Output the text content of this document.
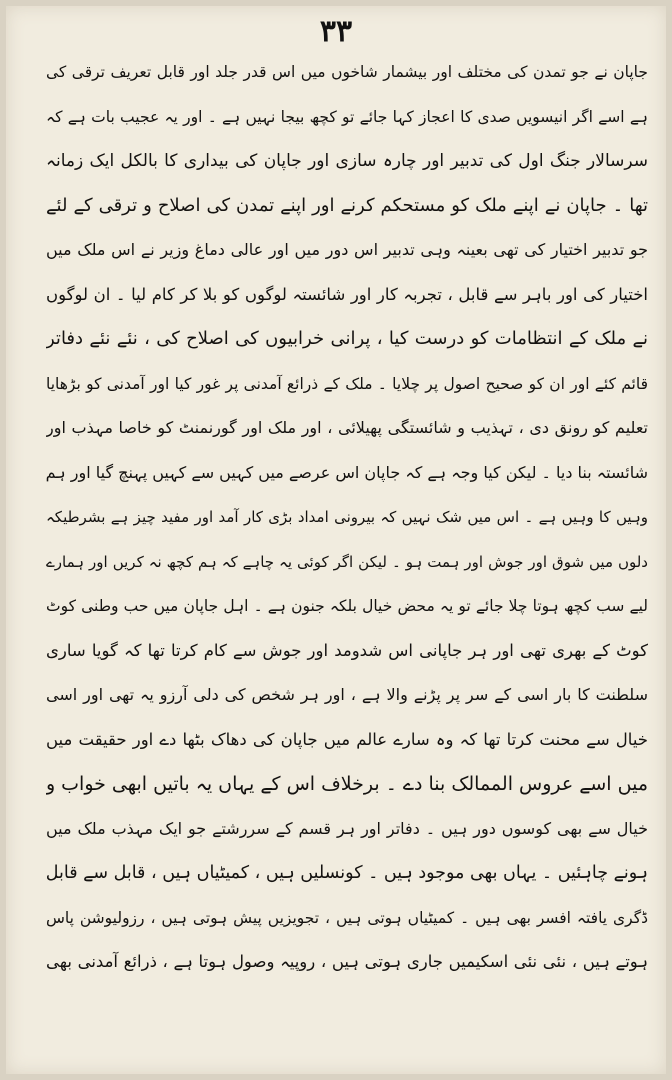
۳۳
جاپان نے جو تمدن کی مختلف اور بیشمار شاخوں میں اس قدر جلد اور قابل تعریف ترقی کی
ہے اسے اگر انیسویں صدی کا اعجاز کہا جائے تو کچھ بیجا نہیں ہے ۔ اور یہ عجیب بات ہے کہ
سرسالار جنگ اول کی تدبیر اور چارہ سازی اور جاپان کی بیداری کا بالکل ایک زمانہ
تھا ۔ جاپان نے اپنے ملک کو مستحکم کرنے اور اپنے تمدن کی اصلاح و ترقی کے لئے
جو تدبیر اختیار کی تھی بعینہ وہی تدبیر اس دور میں اور عالی دماغ وزیر نے اس ملک میں
اختیار کی اور باہر سے قابل ، تجربہ کار اور شائستہ لوگوں کو بلا کر کام لیا ۔ ان لوگوں
نے ملک کے انتظامات کو درست کیا ، پرانی خرابیوں کی اصلاح کی ، نئے نئے دفاتر
قائم کئے اور ان کو صحیح اصول پر چلایا ۔ ملک کے ذرائع آمدنی پر غور کیا اور آمدنی کو بڑھایا
تعلیم کو رونق دی ، تہذیب و شائستگی پھیلائی ، اور ملک اور گورنمنٹ کو خاصا مہذب اور
شائستہ بنا دیا ۔ لیکن کیا وجہ ہے کہ جاپان اس عرصے میں کہیں سے کہیں پہنچ گیا اور ہم
وہیں کا وہیں ہے ۔ اس میں شک نہیں کہ بیرونی امداد بڑی کار آمد اور مفید چیز ہے بشرطیکہ
دلوں میں شوق اور جوش اور ہمت ہو ۔ لیکن اگر کوئی یہ چاہے کہ ہم کچھ نہ کریں اور ہمارے
لیے سب کچھ ہوتا چلا جائے تو یہ محض خیال بلکہ جنون ہے ۔ اہل جاپان میں حب وطنی کوٹ
کوٹ کے بھری تھی اور ہر جاپانی اس شدومد اور جوش سے کام کرتا تھا کہ گویا ساری
سلطنت کا بار اسی کے سر پر پڑنے والا ہے ، اور ہر شخص کی دلی آرزو یہ تھی اور اسی
خیال سے محنت کرتا تھا کہ وہ سارے عالم میں جاپان کی دھاک بٹھا دے اور حقیقت میں
میں اسے عروس الممالک بنا دے ۔ برخلاف اس کے یہاں یہ باتیں ابھی خواب و
خیال سے بھی کوسوں دور ہیں ۔ دفاتر اور ہر قسم کے سررشتے جو ایک مہذب ملک میں
ہونے چاہئیں ۔ یہاں بھی موجود ہیں ۔ کونسلیں ہیں ، کمیٹیاں ہیں ، قابل سے قابل
ڈگری یافتہ افسر بھی ہیں ۔ کمیٹیاں ہوتی ہیں ، تجویزیں پیش ہوتی ہیں ، رزولیوشن پاس
ہوتے ہیں ، نئی نئی اسکیمیں جاری ہوتی ہیں ، روپیہ وصول ہوتا ہے ، ذرائع آمدنی بھی
